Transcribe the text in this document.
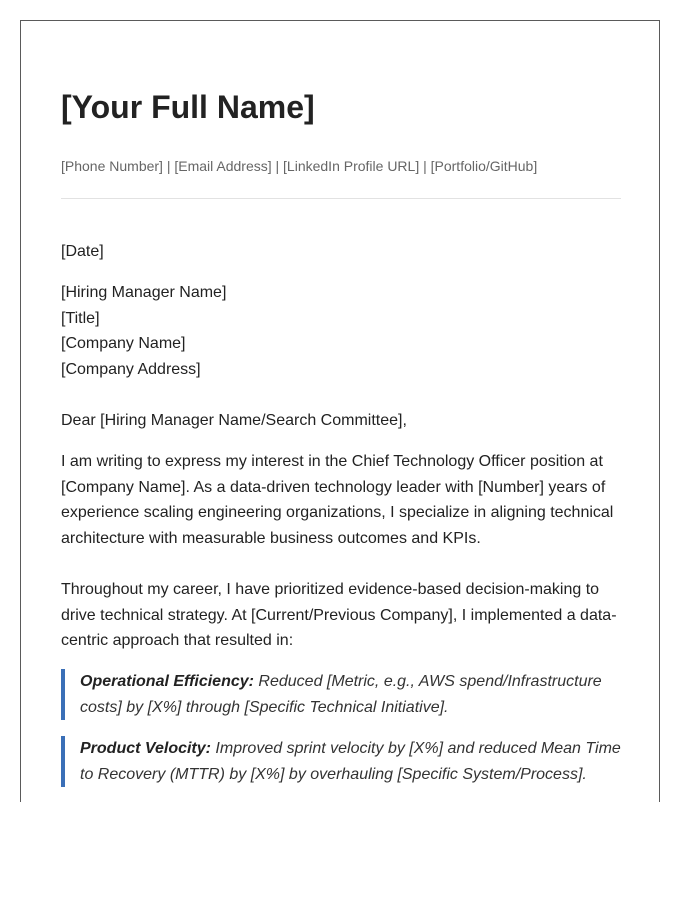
[Your Full Name]
[Phone Number] | [Email Address] | [LinkedIn Profile URL] | [Portfolio/GitHub]
[Date]
[Hiring Manager Name]
[Title]
[Company Name]
[Company Address]
Dear [Hiring Manager Name/Search Committee],
I am writing to express my interest in the Chief Technology Officer position at [Company Name]. As a data-driven technology leader with [Number] years of experience scaling engineering organizations, I specialize in aligning technical architecture with measurable business outcomes and KPIs.
Throughout my career, I have prioritized evidence-based decision-making to drive technical strategy. At [Current/Previous Company], I implemented a data-centric approach that resulted in:
Operational Efficiency: Reduced [Metric, e.g., AWS spend/Infrastructure costs] by [X%] through [Specific Technical Initiative].
Product Velocity: Improved sprint velocity by [X%] and reduced Mean Time to Recovery (MTTR) by [X%] by overhauling [Specific System/Process].
